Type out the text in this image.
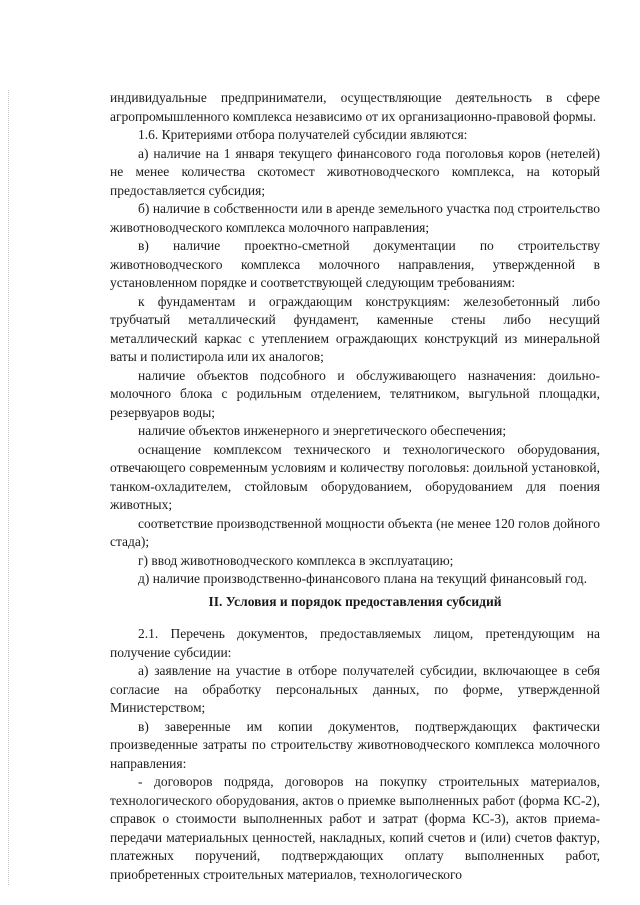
индивидуальные предприниматели, осуществляющие деятельность в сфере агропромышленного комплекса независимо от их организационно-правовой формы.

1.6. Критериями отбора получателей субсидии являются:

а) наличие на 1 января текущего финансового года поголовья коров (нетелей) не менее количества скотомест животноводческого комплекса, на который предоставляется субсидия;

б) наличие в собственности или в аренде земельного участка под строительство животноводческого комплекса молочного направления;

в) наличие проектно-сметной документации по строительству животноводческого комплекса молочного направления, утвержденной в установленном порядке и соответствующей следующим требованиям:

к фундаментам и ограждающим конструкциям: железобетонный либо трубчатый металлический фундамент, каменные стены либо несущий металлический каркас с утеплением ограждающих конструкций из минеральной ваты и полистирола или их аналогов;

наличие объектов подсобного и обслуживающего назначения: доильно-молочного блока с родильным отделением, телятником, выгульной площадки, резервуаров воды;

наличие объектов инженерного и энергетического обеспечения;

оснащение комплексом технического и технологического оборудования, отвечающего современным условиям и количеству поголовья: доильной установкой, танком-охладителем, стойловым оборудованием, оборудованием для поения животных;

соответствие производственной мощности объекта (не менее 120 голов дойного стада);

г) ввод животноводческого комплекса в эксплуатацию;

д) наличие производственно-финансового плана на текущий финансовый год.

II. Условия и порядок предоставления субсидий

2.1. Перечень документов, предоставляемых лицом, претендующим на получение субсидии:

а) заявление на участие в отборе получателей субсидии, включающее в себя согласие на обработку персональных данных, по форме, утвержденной Министерством;

в) заверенные им копии документов, подтверждающих фактически произведенные затраты по строительству животноводческого комплекса молочного направления:

- договоров подряда, договоров на покупку строительных материалов, технологического оборудования, актов о приемке выполненных работ (форма КС-2), справок о стоимости выполненных работ и затрат (форма КС-3), актов приема-передачи материальных ценностей, накладных, копий счетов и (или) счетов фактур, платежных поручений, подтверждающих оплату выполненных работ, приобретенных строительных материалов, технологического
